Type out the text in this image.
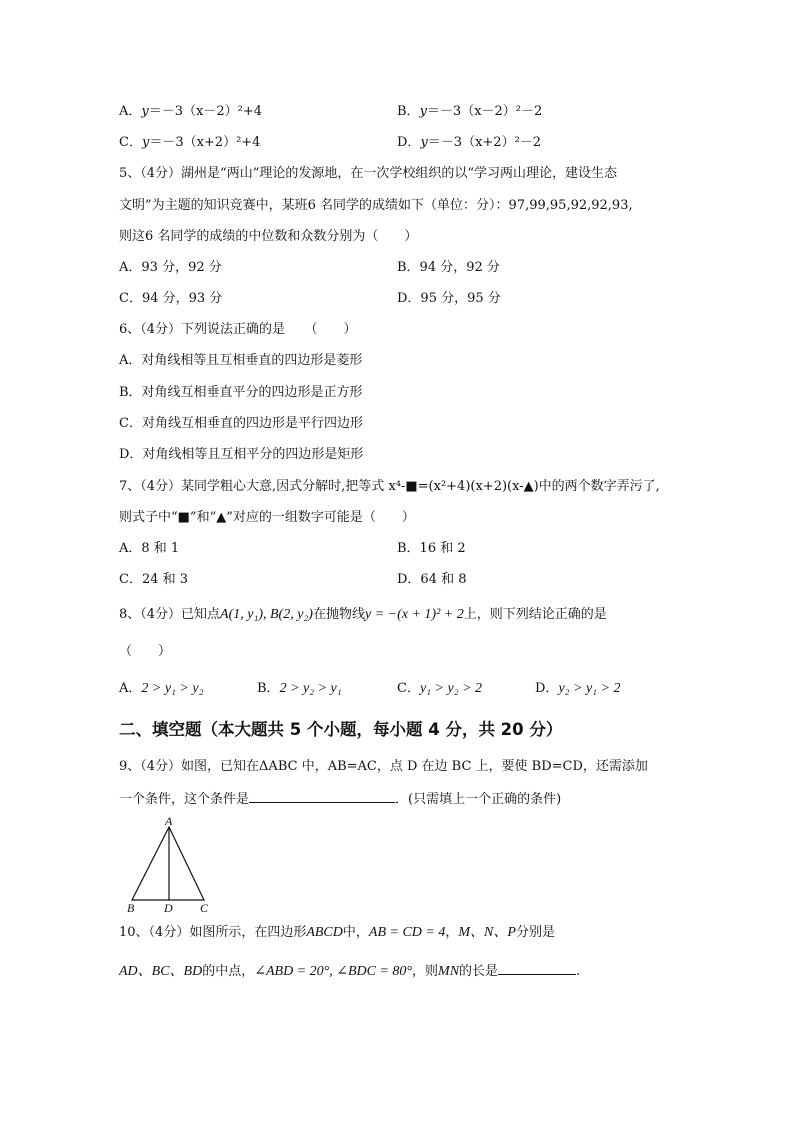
A．y＝－3（x－2）²+4	B．y＝－3（x－2）²－2
C．y＝－3（x+2）²+4	D．y＝－3（x+2）²－2
5、（4分）湖州是“两山”理论的发源地，在一次学校组织的以“学习两山理论，建设生态
文明”为主题的知识竞赛中，某班6 名同学的成绩如下（单位：分）：97,99,95,92,92,93,
则这6 名同学的成绩的中位数和众数分别为（　　）
A．93 分，92 分	B．94 分，92 分
C．94 分，93 分	D．95 分，95 分
6、（4分）下列说法正确的是　　（　　）
A．对角线相等且互相垂直的四边形是菱形
B．对角线互相垂直平分的四边形是正方形
C．对角线互相垂直的四边形是平行四边形
D．对角线相等且互相平分的四边形是矩形
7、（4分）某同学粗心大意,因式分解时,把等式 x⁴-■=(x²+4)(x+2)(x-▲)中的两个数字弄污了,
则式子中“■”和“▲”对应的一组数字可能是（　　）
A．8 和 1	B．16 和 2
C．24 和 3	D．64 和 8
8、（4分）已知点A(1, y₁), B(2, y₂)在抛物线y = −(x + 1)² + 2上，则下列结论正确的是
（　　）
A．2 > y₁ > y₂	B．2 > y₂ > y₁	C．y₁ > y₂ > 2	D．y₂ > y₁ > 2
二、填空题（本大题共 5 个小题，每小题 4 分，共 20 分）
9、（4分）如图，已知在ΔABC 中，AB=AC，点 D 在边 BC 上，要使 BD=CD，还需添加
一个条件，这个条件是	．(只需填上一个正确的条件)
A
B D C
10、（4分）如图所示，在四边形ABCD中，AB = CD = 4，M、N、P分别是
AD、BC、BD的中点，∠ABD = 20°, ∠BDC = 80°，则MN的长是	.
